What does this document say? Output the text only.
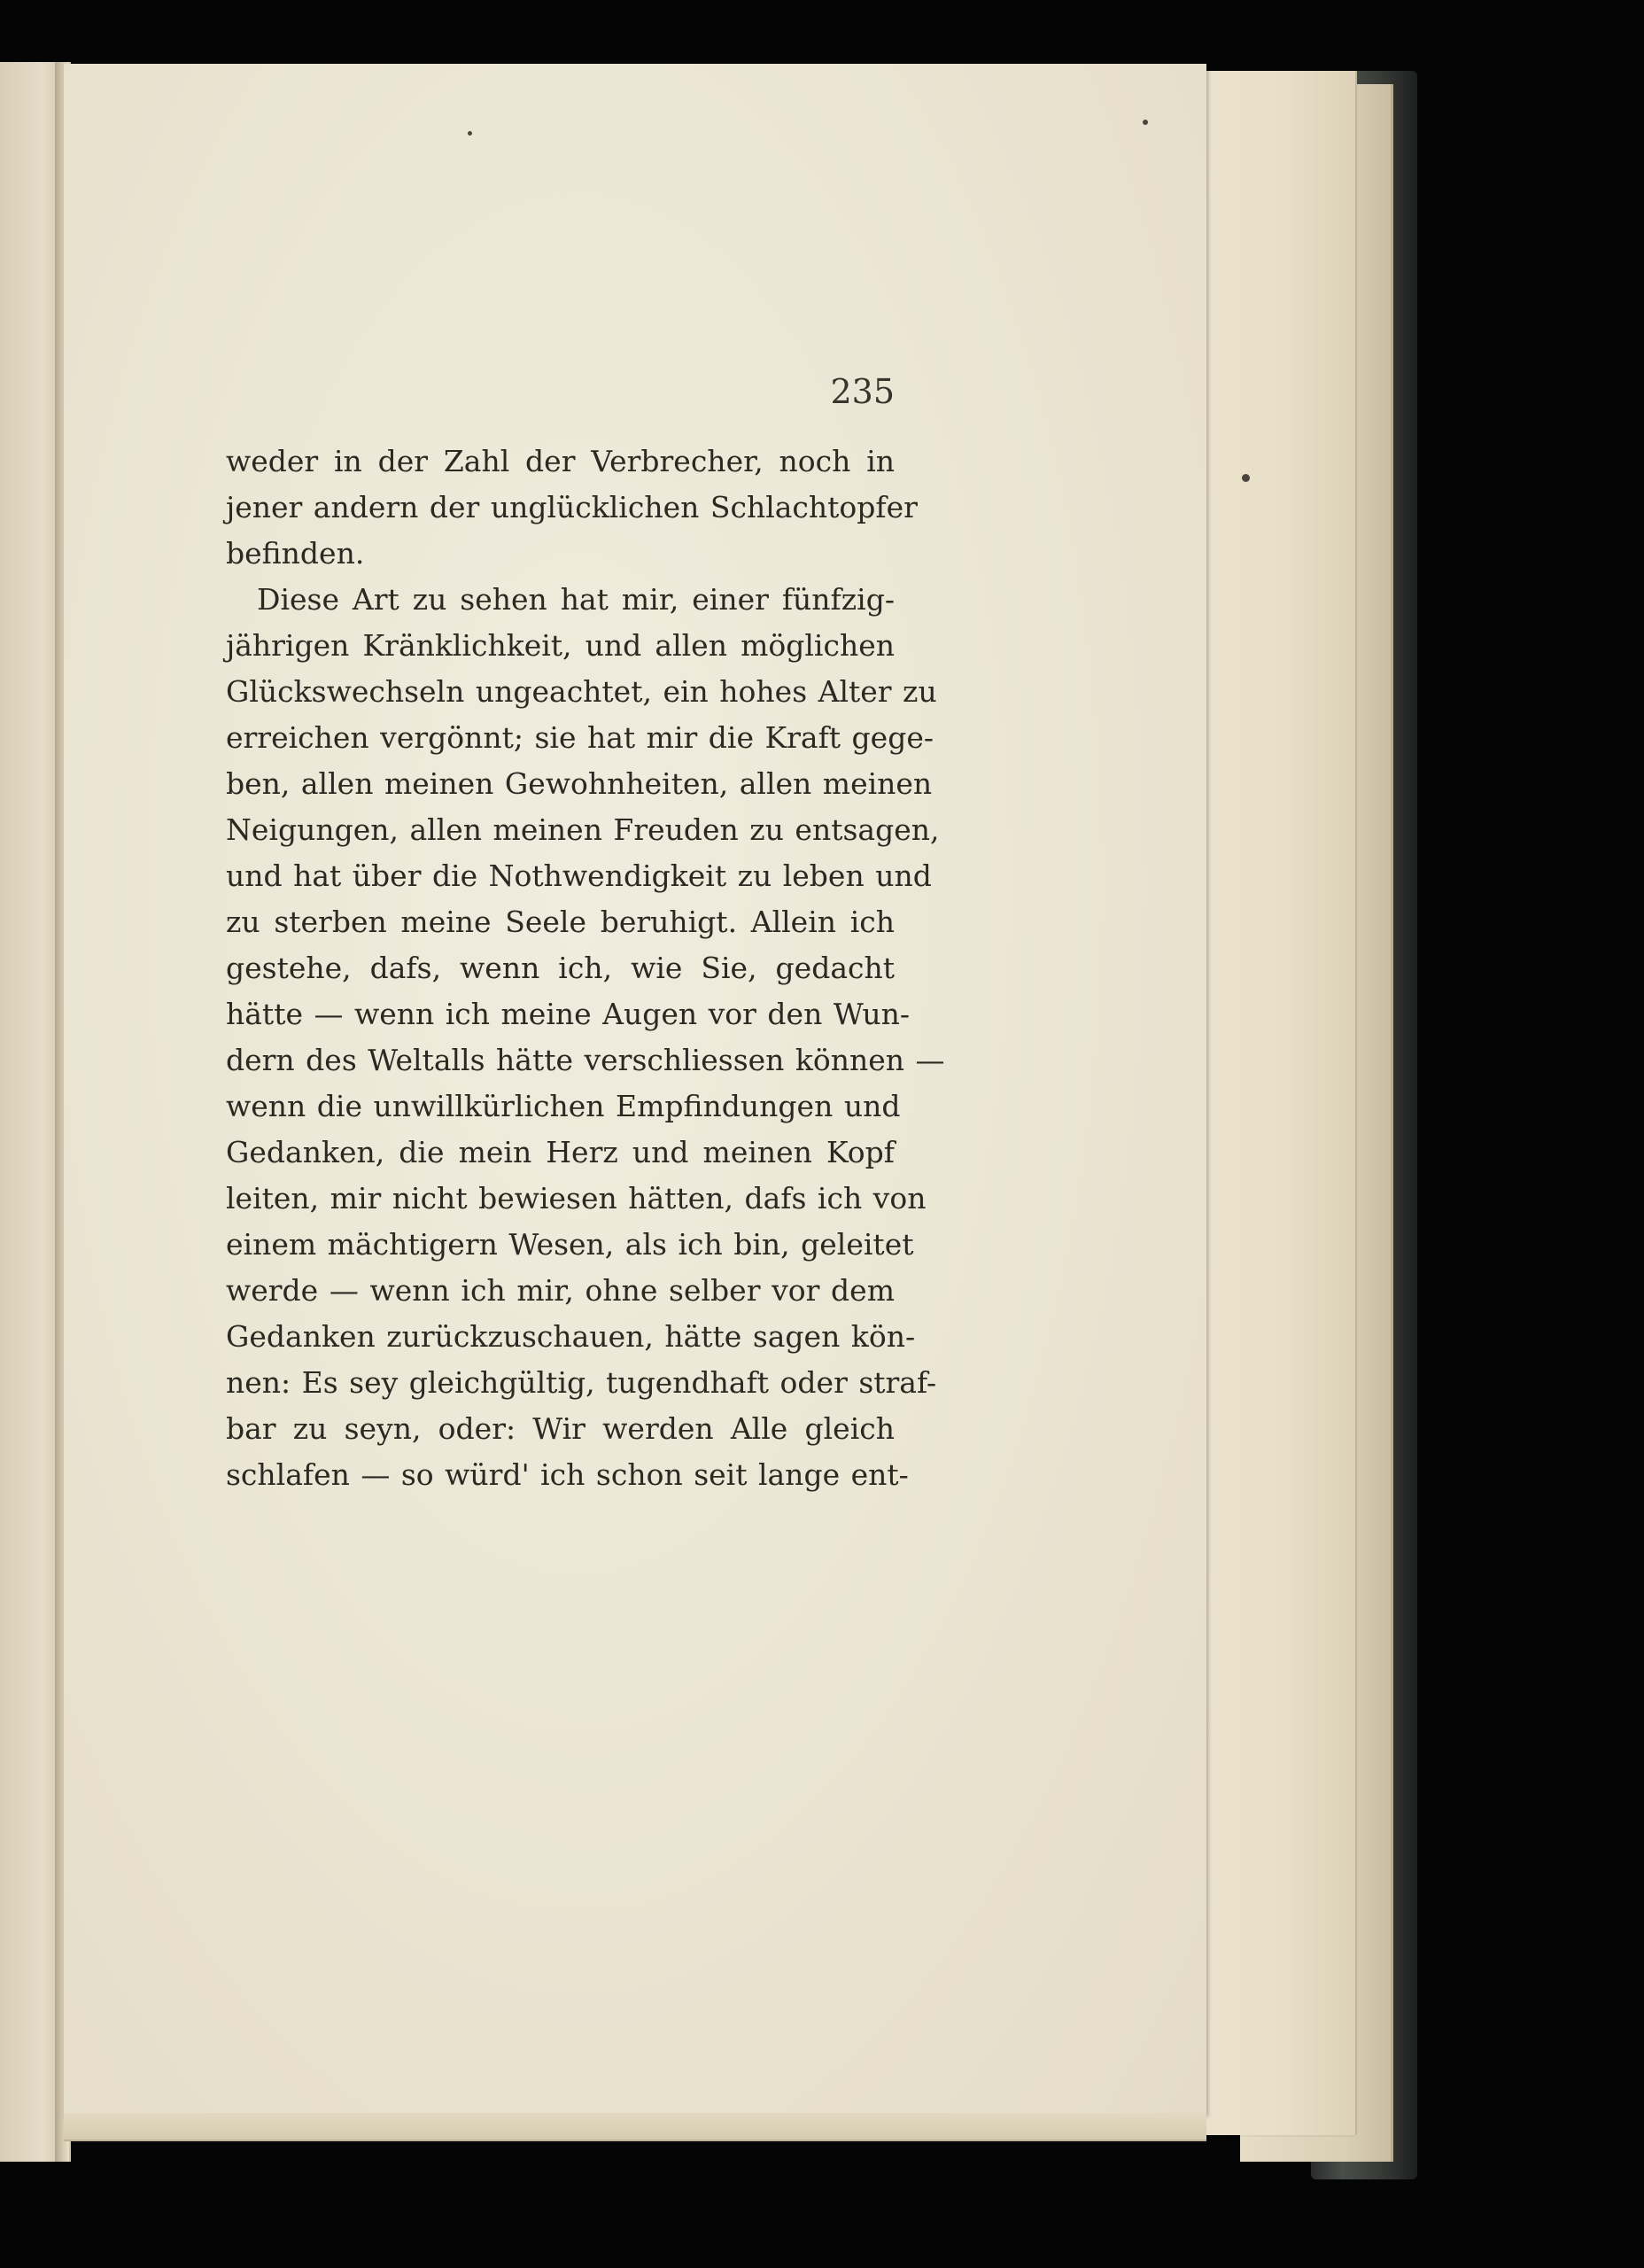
235
weder in der Zahl der Verbrecher, noch in
jener andern der unglücklichen Schlachtopfer
befinden.
Diese Art zu sehen hat mir, einer fünfzig-
jährigen Kränklichkeit, und allen möglichen
Glückswechseln ungeachtet, ein hohes Alter zu
erreichen vergönnt; sie hat mir die Kraft gege-
ben, allen meinen Gewohnheiten, allen meinen
Neigungen, allen meinen Freuden zu entsagen,
und hat über die Nothwendigkeit zu leben und
zu sterben meine Seele beruhigt. Allein ich
gestehe, dafs, wenn ich, wie Sie, gedacht
hätte — wenn ich meine Augen vor den Wun-
dern des Weltalls hätte verschliessen können —
wenn die unwillkürlichen Empfindungen und
Gedanken, die mein Herz und meinen Kopf
leiten, mir nicht bewiesen hätten, dafs ich von
einem mächtigern Wesen, als ich bin, geleitet
werde — wenn ich mir, ohne selber vor dem
Gedanken zurückzuschauen, hätte sagen kön-
nen: Es sey gleichgültig, tugendhaft oder straf-
bar zu seyn, oder: Wir werden Alle gleich
schlafen — so würd' ich schon seit lange ent-
